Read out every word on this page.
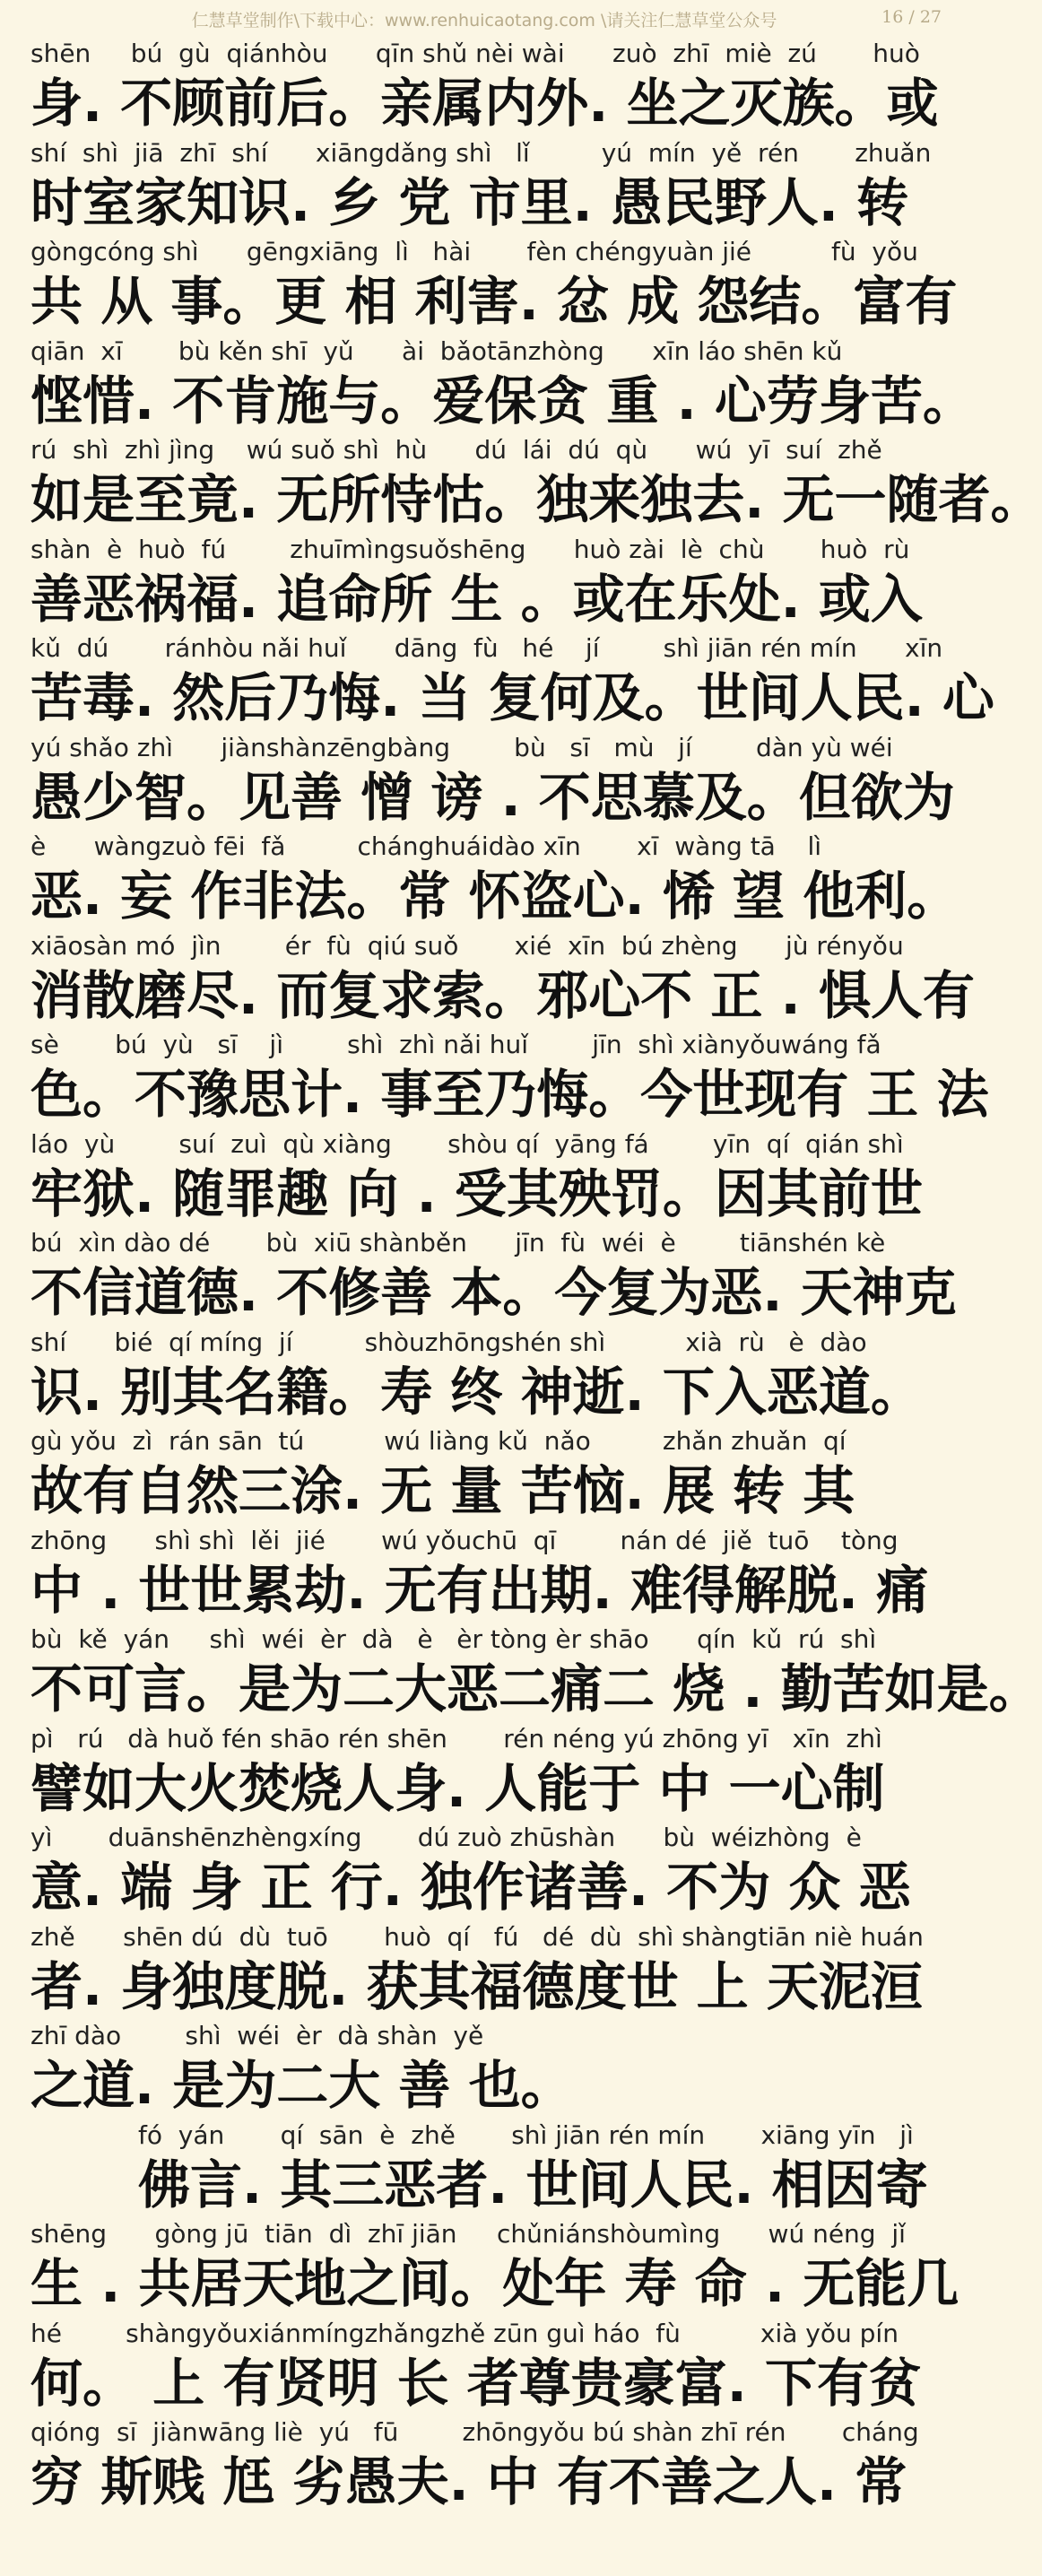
仁慧草堂制作\下载中心：www.renhuicaotang.com \请关注仁慧草堂公众号	16 / 27
shēn     bú  gù  qiánhòu      qīn shǔ nèi wài      zuò  zhī  miè  zú       huò
身. 不顾前后。亲属内外. 坐之灭族。或
shí  shì  jiā  zhī  shí      xiāngdǎng shì   lǐ         yú  mín  yě  rén       zhuǎn
时室家知识. 乡 党 市里. 愚民野人. 转
gòngcóng shì      gēngxiāng  lì   hài       fèn chéngyuàn jié          fù  yǒu
共 从 事。更 相 利害. 忿 成 怨结。富有
qiān  xī       bù kěn shī  yǔ      ài  bǎotānzhòng      xīn láo shēn kǔ
悭惜. 不肯施与。爱保贪 重 . 心劳身苦。
rú  shì  zhì jìng    wú suǒ shì  hù      dú  lái  dú  qù      wú  yī  suí  zhě
如是至竟. 无所恃怙。独来独去. 无一随者。
shàn  è  huò  fú        zhuīmìngsuǒshēng      huò zài  lè  chù       huò  rù
善恶祸福. 追命所 生 。或在乐处. 或入
kǔ  dú       ránhòu nǎi huǐ      dāng  fù   hé    jí        shì jiān rén mín      xīn
苦毒. 然后乃悔. 当 复何及。世间人民. 心
yú shǎo zhì      jiànshànzēngbàng        bù   sī   mù   jí        dàn yù wéi
愚少智。见善 憎 谤 . 不思慕及。但欲为
è      wàngzuò fēi  fǎ         chánghuáidào xīn       xī  wàng tā    lì
恶. 妄 作非法。常 怀盗心. 悕 望 他利。
xiāosàn mó  jìn        ér  fù  qiú suǒ       xié  xīn  bú zhèng      jù rényǒu
消散磨尽. 而复求索。邪心不 正 . 惧人有
sè       bú  yù   sī    jì        shì  zhì nǎi huǐ        jīn  shì xiànyǒuwáng fǎ
色。不豫思计. 事至乃悔。今世现有 王 法
láo  yù        suí  zuì  qù xiàng       shòu qí  yāng fá        yīn  qí  qián shì
牢狱. 随罪趣 向 . 受其殃罚。因其前世
bú  xìn dào dé       bù  xiū shànběn      jīn  fù  wéi  è        tiānshén kè
不信道德. 不修善 本。今复为恶. 天神克
shí      bié  qí míng  jí         shòuzhōngshén shì          xià  rù   è  dào
识. 别其名籍。寿 终 神逝. 下入恶道。
gù yǒu  zì  rán sān  tú          wú liàng kǔ  nǎo         zhǎn zhuǎn  qí
故有自然三涂. 无 量 苦恼. 展 转 其
zhōng      shì shì  lěi  jié       wú yǒuchū  qī        nán dé  jiě  tuō    tòng
中 . 世世累劫. 无有出期. 难得解脱. 痛
bù  kě  yán     shì  wéi  èr  dà   è   èr tòng èr shāo      qín  kǔ  rú  shì
不可言。是为二大恶二痛二 烧 . 勤苦如是。
pì   rú   dà huǒ fén shāo rén shēn       rén néng yú zhōng yī   xīn  zhì
譬如大火焚烧人身. 人能于 中 一心制
yì       duānshēnzhèngxíng       dú zuò zhūshàn      bù  wéizhòng  è
意. 端 身 正 行. 独作诸善. 不为 众 恶
zhě      shēn dú  dù  tuō       huò  qí   fú   dé  dù  shì shàngtiān niè huán
者. 身独度脱. 获其福德度世 上 天泥洹
zhī dào        shì  wéi  èr  dà shàn  yě
之道. 是为二大 善 也。
fó  yán       qí  sān  è  zhě       shì jiān rén mín       xiāng yīn   jì
佛言. 其三恶者. 世间人民. 相因寄
shēng      gòng jū  tiān  dì  zhī jiān     chǔniánshòumìng      wú néng  jǐ
生 . 共居天地之间。处年 寿 命 . 无能几
hé        shàngyǒuxiánmíngzhǎngzhě zūn guì háo  fù          xià yǒu pín
何。 上 有贤明 长 者尊贵豪富. 下有贫
qióng  sī  jiànwāng liè  yú   fū        zhōngyǒu bú shàn zhī rén       cháng
穷 斯贱 尪 劣愚夫. 中 有不善之人. 常
